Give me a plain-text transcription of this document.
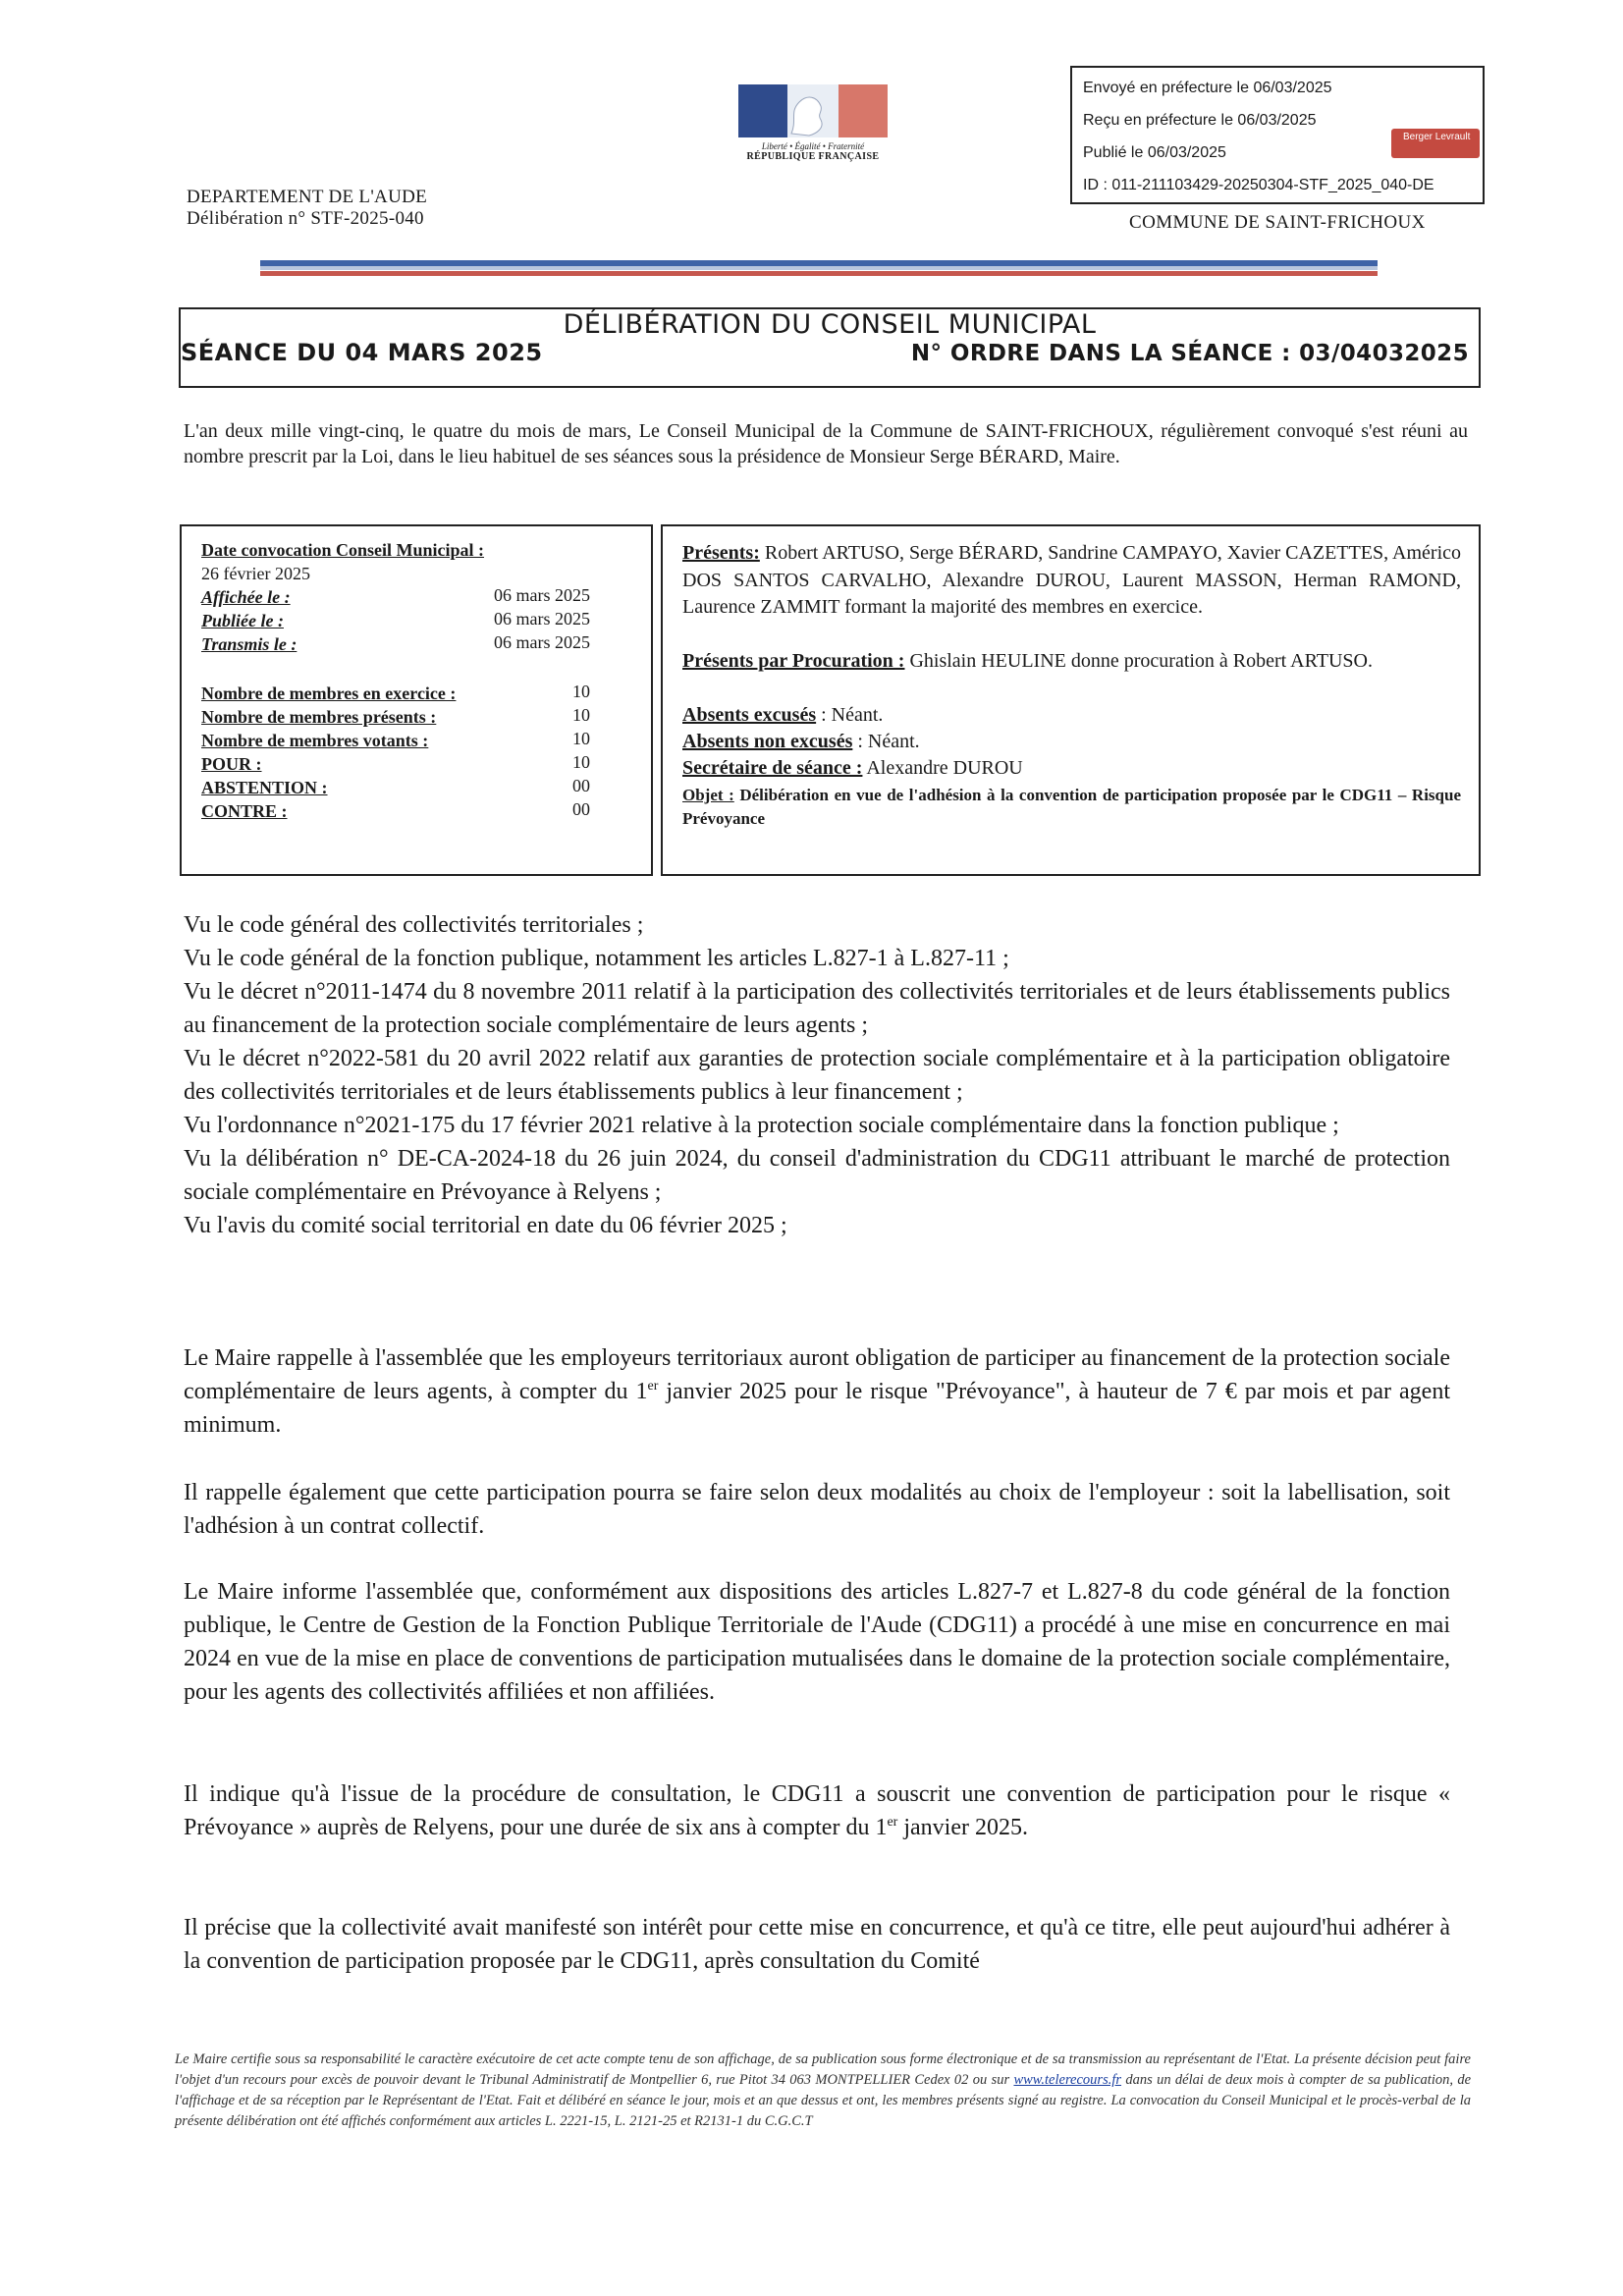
DEPARTEMENT DE L'AUDE
Délibération n° STF-2025-040
Liberté • Égalité • Fraternité
RÉPUBLIQUE FRANÇAISE
Envoyé en préfecture le 06/03/2025
Reçu en préfecture le 06/03/2025
Publié le 06/03/2025
ID : 011-211103429-20250304-STF_2025_040-DE
Berger Levrault
COMMUNE DE SAINT-FRICHOUX
DÉLIBÉRATION DU CONSEIL MUNICIPAL
SÉANCE DU 04 MARS 2025	N° ORDRE DANS LA SÉANCE : 03/04032025
L'an deux mille vingt-cinq, le quatre du mois de mars, Le Conseil Municipal de la Commune de SAINT-FRICHOUX, régulièrement convoqué s'est réuni au nombre prescrit par la Loi, dans le lieu habituel de ses séances sous la présidence de Monsieur Serge BÉRARD, Maire.
Date convocation Conseil Municipal :
26 février 2025
Affichée le :	06 mars 2025
Publiée le :	06 mars 2025
Transmis le :	06 mars 2025
Nombre de membres en exercice :	10
Nombre de membres présents :	10
Nombre de membres votants :	10
POUR :	10
ABSTENTION :	00
CONTRE :	00
Présents: Robert ARTUSO, Serge BÉRARD, Sandrine CAMPAYO, Xavier CAZETTES, Américo DOS SANTOS CARVALHO, Alexandre DUROU, Laurent MASSON, Herman RAMOND, Laurence ZAMMIT formant la majorité des membres en exercice.
Présents par Procuration : Ghislain HEULINE donne procuration à Robert ARTUSO.
Absents excusés : Néant.
Absents non excusés : Néant.
Secrétaire de séance : Alexandre DUROU
Objet : Délibération en vue de l'adhésion à la convention de participation proposée par le CDG11 – Risque Prévoyance

Vu le code général des collectivités territoriales ;

Vu le code général de la fonction publique, notamment les articles L.827-1 à L.827-11 ;

Vu le décret n°2011-1474 du 8 novembre 2011 relatif à la participation des collectivités territoriales et de leurs établissements publics au financement de la protection sociale complémentaire de leurs agents ;

Vu le décret n°2022-581 du 20 avril 2022 relatif aux garanties de protection sociale complémentaire et à la participation obligatoire des collectivités territoriales et de leurs établissements publics à leur financement ;

Vu l'ordonnance n°2021-175 du 17 février 2021 relative à la protection sociale complémentaire dans la fonction publique ;

Vu la délibération n° DE-CA-2024-18 du 26 juin 2024, du conseil d'administration du CDG11 attribuant le marché de protection sociale complémentaire en Prévoyance à Relyens ;

Vu l'avis du comité social territorial en date du 06 février 2025 ;

Le Maire rappelle à l'assemblée que les employeurs territoriaux auront obligation de participer au financement de la protection sociale complémentaire de leurs agents, à compter du 1er janvier 2025 pour le risque "Prévoyance", à hauteur de 7 € par mois et par agent minimum.
Il rappelle également que cette participation pourra se faire selon deux modalités au choix de l'employeur : soit la labellisation, soit l'adhésion à un contrat collectif.
Le Maire informe l'assemblée que, conformément aux dispositions des articles L.827-7 et L.827-8 du code général de la fonction publique, le Centre de Gestion de la Fonction Publique Territoriale de l'Aude (CDG11) a procédé à une mise en concurrence en mai 2024 en vue de la mise en place de conventions de participation mutualisées dans le domaine de la protection sociale complémentaire, pour les agents des collectivités affiliées et non affiliées.
Il indique qu'à l'issue de la procédure de consultation, le CDG11 a souscrit une convention de participation pour le risque « Prévoyance » auprès de Relyens, pour une durée de six ans à compter du 1er janvier 2025.
Il précise que la collectivité avait manifesté son intérêt pour cette mise en concurrence, et qu'à ce titre, elle peut aujourd'hui adhérer à la convention de participation proposée par le CDG11, après consultation du Comité
Le Maire certifie sous sa responsabilité le caractère exécutoire de cet acte compte tenu de son affichage, de sa publication sous forme électronique et de sa transmission au représentant de l'Etat. La présente décision peut faire l'objet d'un recours pour excès de pouvoir devant le Tribunal Administratif de Montpellier 6, rue Pitot 34 063 MONTPELLIER Cedex 02 ou sur www.telerecours.fr dans un délai de deux mois à compter de sa publication, de l'affichage et de sa réception par le Représentant de l'Etat. Fait et délibéré en séance le jour, mois et an que dessus et ont, les membres présents signé au registre. La convocation du Conseil Municipal et le procès-verbal de la présente délibération ont été affichés conformément aux articles L. 2221-15, L. 2121-25 et R2131-1 du C.G.C.T
